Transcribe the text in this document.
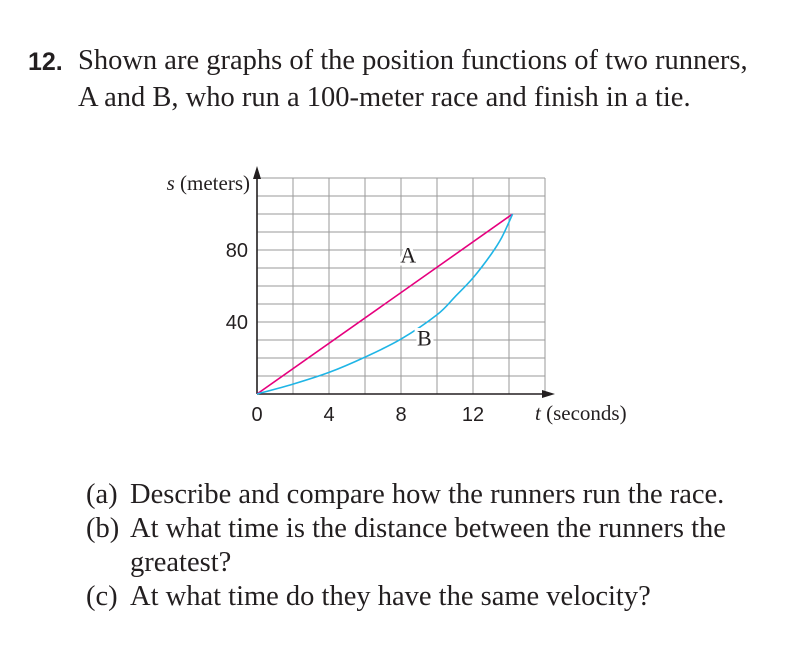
12. Shown are graphs of the position functions of two runners,
A and B, who run a 100-meter race and finish in a tie.
0	4	8	12
40
80
s (meters)
t (seconds)
A
B
(a) Describe and compare how the runners run the race.
(b) At what time is the distance between the runners the
greatest?
(c) At what time do they have the same velocity?
